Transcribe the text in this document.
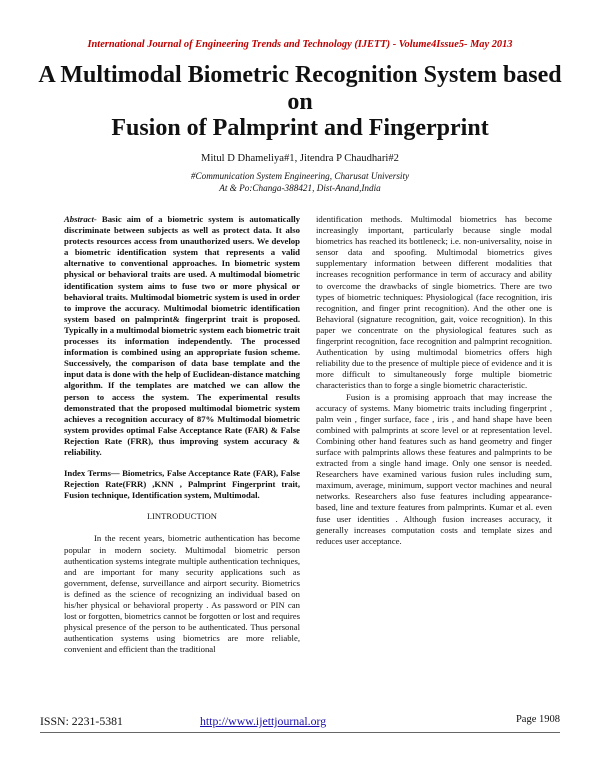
International Journal of Engineering Trends and Technology (IJETT) - Volume4Issue5- May 2013
A Multimodal Biometric Recognition System based
on
Fusion of Palmprint and Fingerprint
Mitul D Dhameliya#1, Jitendra P Chaudhari#2
#Communication System Engineering, Charusat University
At & Po:Changa-388421, Dist-Anand,India

Abstract- Basic aim of a biometric system is automatically discriminate between subjects as well as protect data. It also protects resources access from unauthorized users. We develop a biometric identification system that represents a valid alternative to conventional approaches. In biometric system physical or behavioral traits are used. A multimodal biometric identification system aims to fuse two or more physical or behavioral traits. Multimodal biometric system is used in order to improve the accuracy. Multimodal biometric identification system based on palmprint& fingerprint trait is proposed. Typically in a multimodal biometric system each biometric trait processes its information independently. The processed information is combined using an appropriate fusion scheme. Successively, the comparison of data base template and the input data is done with the help of Euclidean-distance matching algorithm. If the templates are matched we can allow the person to access the system. The experimental results demonstrated that the proposed multimodal biometric system achieves a recognition accuracy of 87% Multimodal biometric system provides optimal False Acceptance Rate (FAR) & False Rejection Rate (FRR), thus improving system accuracy & reliability.

Index Terms— Biometrics, False Acceptance Rate (FAR), False Rejection Rate(FRR) ,KNN , Palmprint Fingerprint trait, Fusion technique, Identification system, Multimodal.

I.INTRODUCTION

In the recent years, biometric authentication has become popular in modern society. Multimodal biometric person authentication systems integrate multiple authentication techniques, and are important for many security applications such as government, defense, surveillance and airport security. Biometrics is defined as the science of recognizing an individual based on his/her physical or behavioral property . As password or PIN can lost or forgotten, biometrics cannot be forgotten or lost and requires physical presence of the person to be authenticated. Thus personal authentication systems using biometrics are more reliable, convenient and efficient than the traditional

identification methods. Multimodal biometrics has become increasingly important, particularly because single modal biometrics has reached its bottleneck; i.e. non-universality, noise in sensor data and spoofing. Multimodal biometrics gives supplementary information between different modalities that increases recognition performance in term of accuracy and ability to overcome the drawbacks of single biometrics. There are two types of biometric techniques: Physiological (face recognition, iris recognition, and finger print recognition). And the other one is Behavioral (signature recognition, gait, voice recognition). In this paper we concentrate on the physiological features such as fingerprint recognition, face recognition and palmprint recognition. Authentication by using multimodal biometrics offers high reliability due to the presence of multiple piece of evidence and it is more difficult to simultaneously forge multiple biometric characteristics than to forge a single biometric characteristic.

Fusion is a promising approach that may increase the accuracy of systems. Many biometric traits including fingerprint , palm vein , finger surface, face , iris , and hand shape have been combined with palmprints at score level or at representation level. Combining other hand features such as hand geometry and finger surface with palmprints allows these features and palmprints to be extracted from a single hand image. Only one sensor is needed. Researchers have examined various fusion rules including sum, maximum, average, minimum, support vector machines and neural networks. Researchers also fuse features including appearance-based, line and texture features from palmprints. Kumar et al. even fuse user identities . Although fusion increases accuracy, it generally increases computation costs and template sizes and reduces user acceptance.

ISSN: 2231-5381	http://www.ijettjournal.org	Page 1908
